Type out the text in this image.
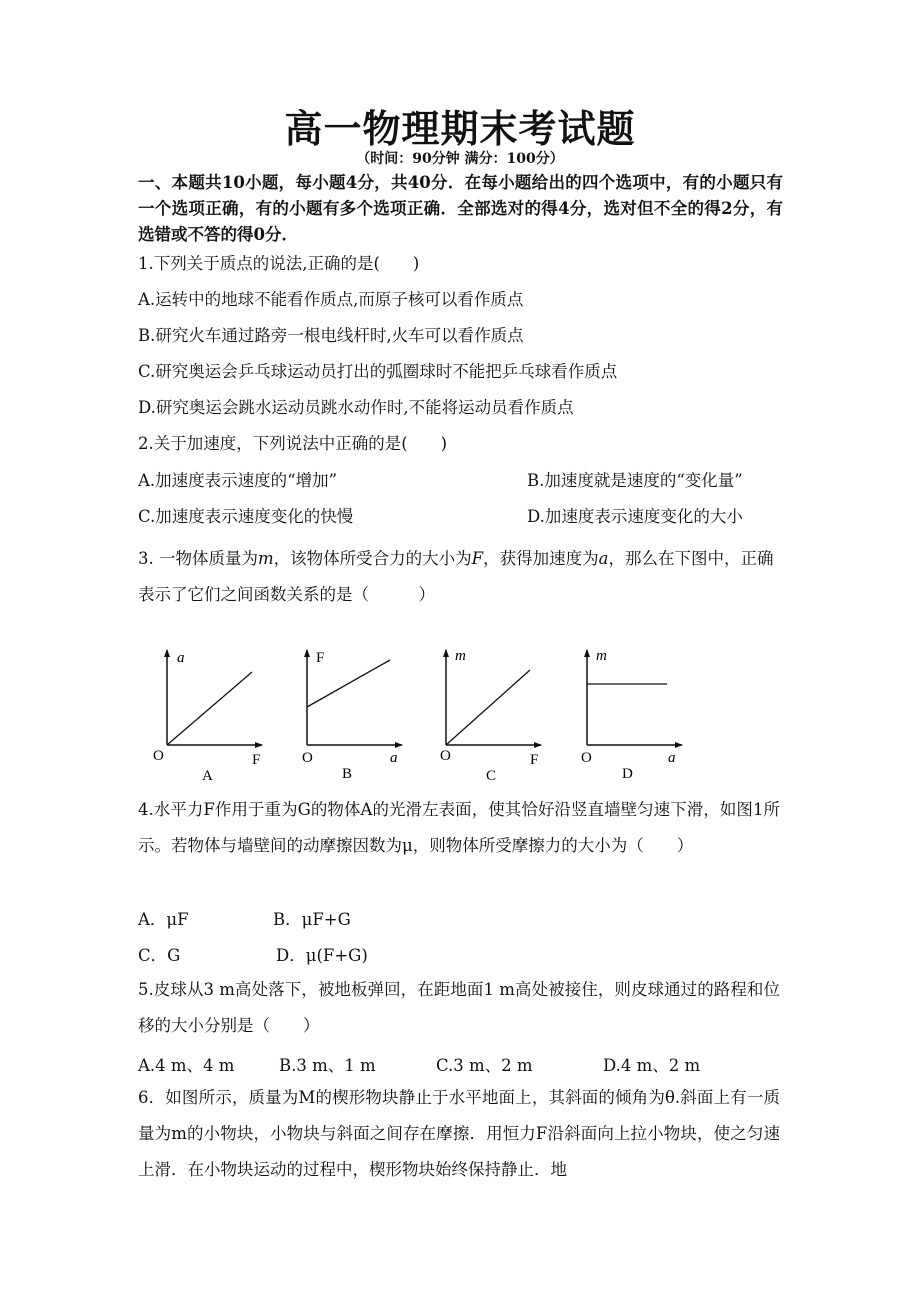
高一物理期末考试题
（时间：90分钟 满分：100分）
一、本题共10小题，每小题4分，共40分．在每小题给出的四个选项中，有的小题只有一个选项正确，有的小题有多个选项正确．全部选对的得4分，选对但不全的得2分，有选错或不答的得0分．
1.下列关于质点的说法,正确的是(　　)
A.运转中的地球不能看作质点,而原子核可以看作质点
B.研究火车通过路旁一根电线杆时,火车可以看作质点
C.研究奥运会乒乓球运动员打出的弧圈球时不能把乒乓球看作质点
D.研究奥运会跳水运动员跳水动作时,不能将运动员看作质点
2.关于加速度，下列说法中正确的是(　　)
A.加速度表示速度的“增加”	B.加速度就是速度的“变化量”
C.加速度表示速度变化的快慢	D.加速度表示速度变化的大小
3. 一物体质量为m，该物体所受合力的大小为F，获得加速度为a，那么在下图中，正确表示了它们之间函数关系的是（　　　）
a
O	F
A
F
O	a
B
m
O	F
C
m
O	a
D
4.水平力F作用于重为G的物体A的光滑左表面，使其恰好沿竖直墙壁匀速下滑，如图1所示。若物体与墙壁间的动摩擦因数为μ，则物体所受摩擦力的大小为（　　）
A．μF	B．μF+G
C．G	D．μ(F+G)
5.皮球从3 m高处落下，被地板弹回，在距地面1 m高处被接住，则皮球通过的路程和位移的大小分别是（　　）
A.4 m、4 m	B.3 m、1 m	C.3 m、2 m	D.4 m、2 m
6．如图所示，质量为M的楔形物块静止于水平地面上，其斜面的倾角为θ.斜面上有一质量为m的小物块，小物块与斜面之间存在摩擦．用恒力F沿斜面向上拉小物块，使之匀速上滑．在小物块运动的过程中，楔形物块始终保持静止．地
